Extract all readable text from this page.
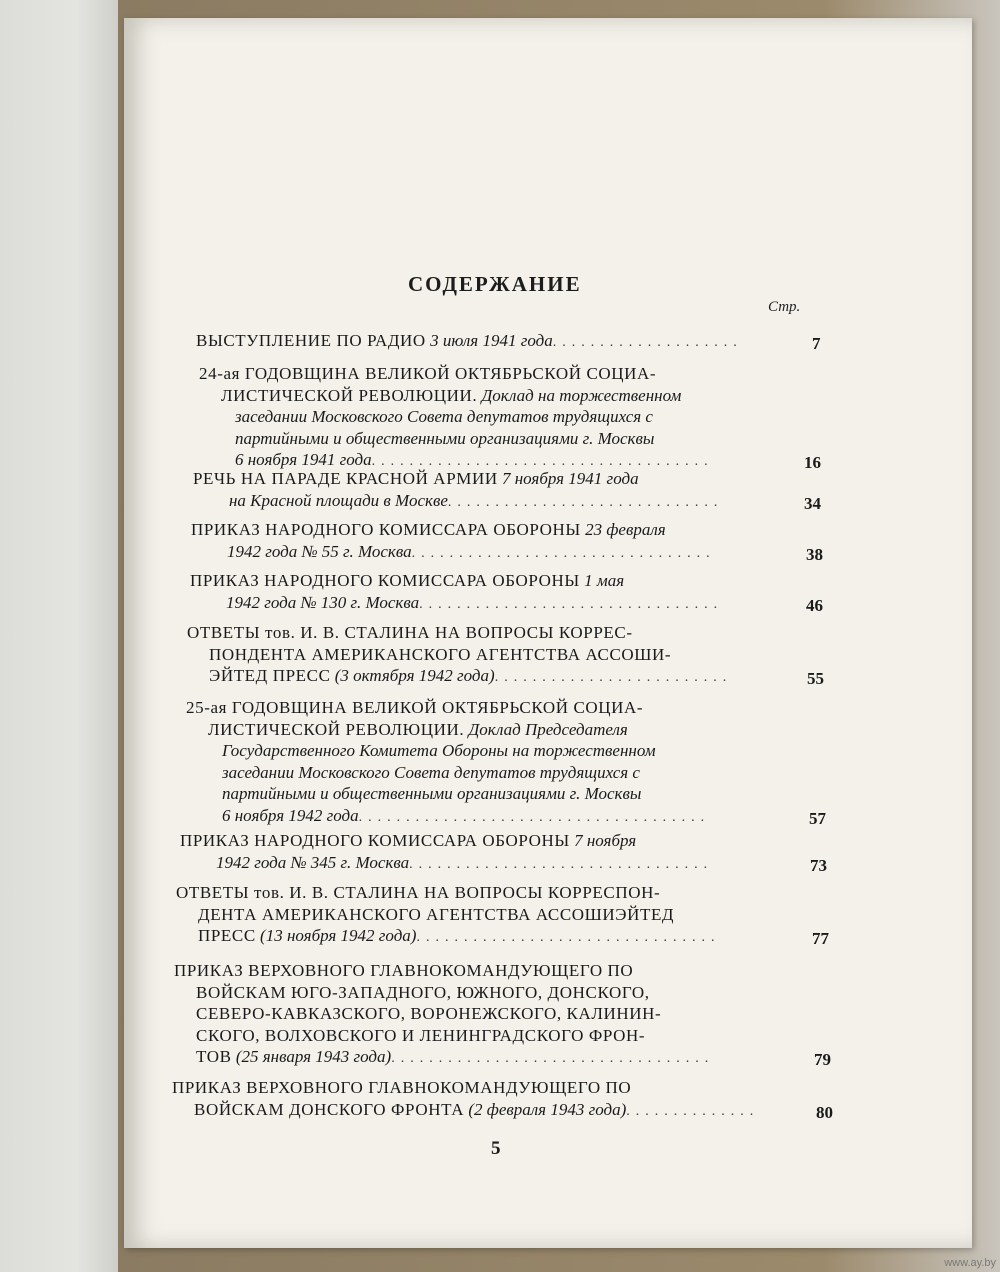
СОДЕРЖАНИЕ
Стр.
ВЫСТУПЛЕНИЕ ПО РАДИО 3 июля 1941 года....................	7
24-ая ГОДОВЩИНА ВЕЛИКОЙ ОКТЯБРЬСКОЙ СОЦИА-
ЛИСТИЧЕСКОЙ РЕВОЛЮЦИИ. Доклад на торжественном
заседании Московского Совета депутатов трудящихся с
партийными и общественными организациями г. Москвы
6 ноября 1941 года....................................	16
РЕЧЬ НА ПАРАДЕ КРАСНОЙ АРМИИ 7 ноября 1941 года
на Красной площади в Москве.............................	34
ПРИКАЗ НАРОДНОГО КОМИССАРА ОБОРОНЫ 23 февраля
1942 года № 55 г. Москва................................	38
ПРИКАЗ НАРОДНОГО КОМИССАРА ОБОРОНЫ 1 мая
1942 года № 130 г. Москва................................	46
ОТВЕТЫ тов. И. В. СТАЛИНА НА ВОПРОСЫ КОРРЕС-
ПОНДЕНТА АМЕРИКАНСКОГО АГЕНТСТВА АССОШИ-
ЭЙТЕД ПРЕСС (3 октября 1942 года).........................	55
25-ая ГОДОВЩИНА ВЕЛИКОЙ ОКТЯБРЬСКОЙ СОЦИА-
ЛИСТИЧЕСКОЙ РЕВОЛЮЦИИ. Доклад Председателя
Государственного Комитета Обороны на торжественном
заседании Московского Совета депутатов трудящихся с
партийными и общественными организациями г. Москвы
6 ноября 1942 года.....................................	57
ПРИКАЗ НАРОДНОГО КОМИССАРА ОБОРОНЫ 7 ноября
1942 года № 345 г. Москва................................	73
ОТВЕТЫ тов. И. В. СТАЛИНА НА ВОПРОСЫ КОРРЕСПОН-
ДЕНТА АМЕРИКАНСКОГО АГЕНТСТВА АССОШИЭЙТЕД
ПРЕСС (13 ноября 1942 года)................................	77
ПРИКАЗ ВЕРХОВНОГО ГЛАВНОКОМАНДУЮЩЕГО ПО
ВОЙСКАМ ЮГО-ЗАПАДНОГО, ЮЖНОГО, ДОНСКОГО,
СЕВЕРО-КАВКАЗСКОГО, ВОРОНЕЖСКОГО, КАЛИНИН-
СКОГО, ВОЛХОВСКОГО И ЛЕНИНГРАДСКОГО ФРОН-
ТОВ (25 января 1943 года)..................................	79
ПРИКАЗ ВЕРХОВНОГО ГЛАВНОКОМАНДУЮЩЕГО ПО
ВОЙСКАМ ДОНСКОГО ФРОНТА (2 февраля 1943 года)..............	80
5
www.ay.by
